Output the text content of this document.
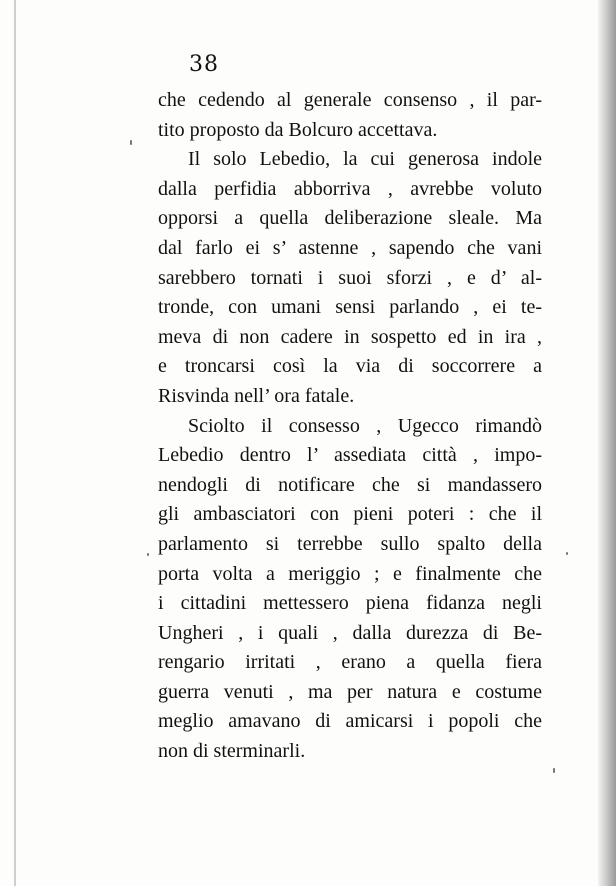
38
che cedendo al generale consenso , il par-
tito proposto da Bolcuro accettava.
Il solo Lebedio, la cui generosa indole
dalla perfidia abborriva , avrebbe voluto
opporsi a quella deliberazione sleale. Ma
dal farlo ei s’ astenne , sapendo che vani
sarebbero tornati i suoi sforzi , e d’ al-
tronde, con umani sensi parlando , ei te-
meva di non cadere in sospetto ed in ira ,
e troncarsi così la via di soccorrere a
Risvinda nell’ ora fatale.
Sciolto il consesso , Ugecco rimandò
Lebedio dentro l’ assediata città , impo-
nendogli di notificare che si mandassero
gli ambasciatori con pieni poteri : che il
parlamento si terrebbe sullo spalto della
porta volta a meriggio ; e finalmente che
i cittadini mettessero piena fidanza negli
Ungheri , i quali , dalla durezza di Be-
rengario irritati , erano a quella fiera
guerra venuti , ma per natura e costume
meglio amavano di amicarsi i popoli che
non di sterminarli.
